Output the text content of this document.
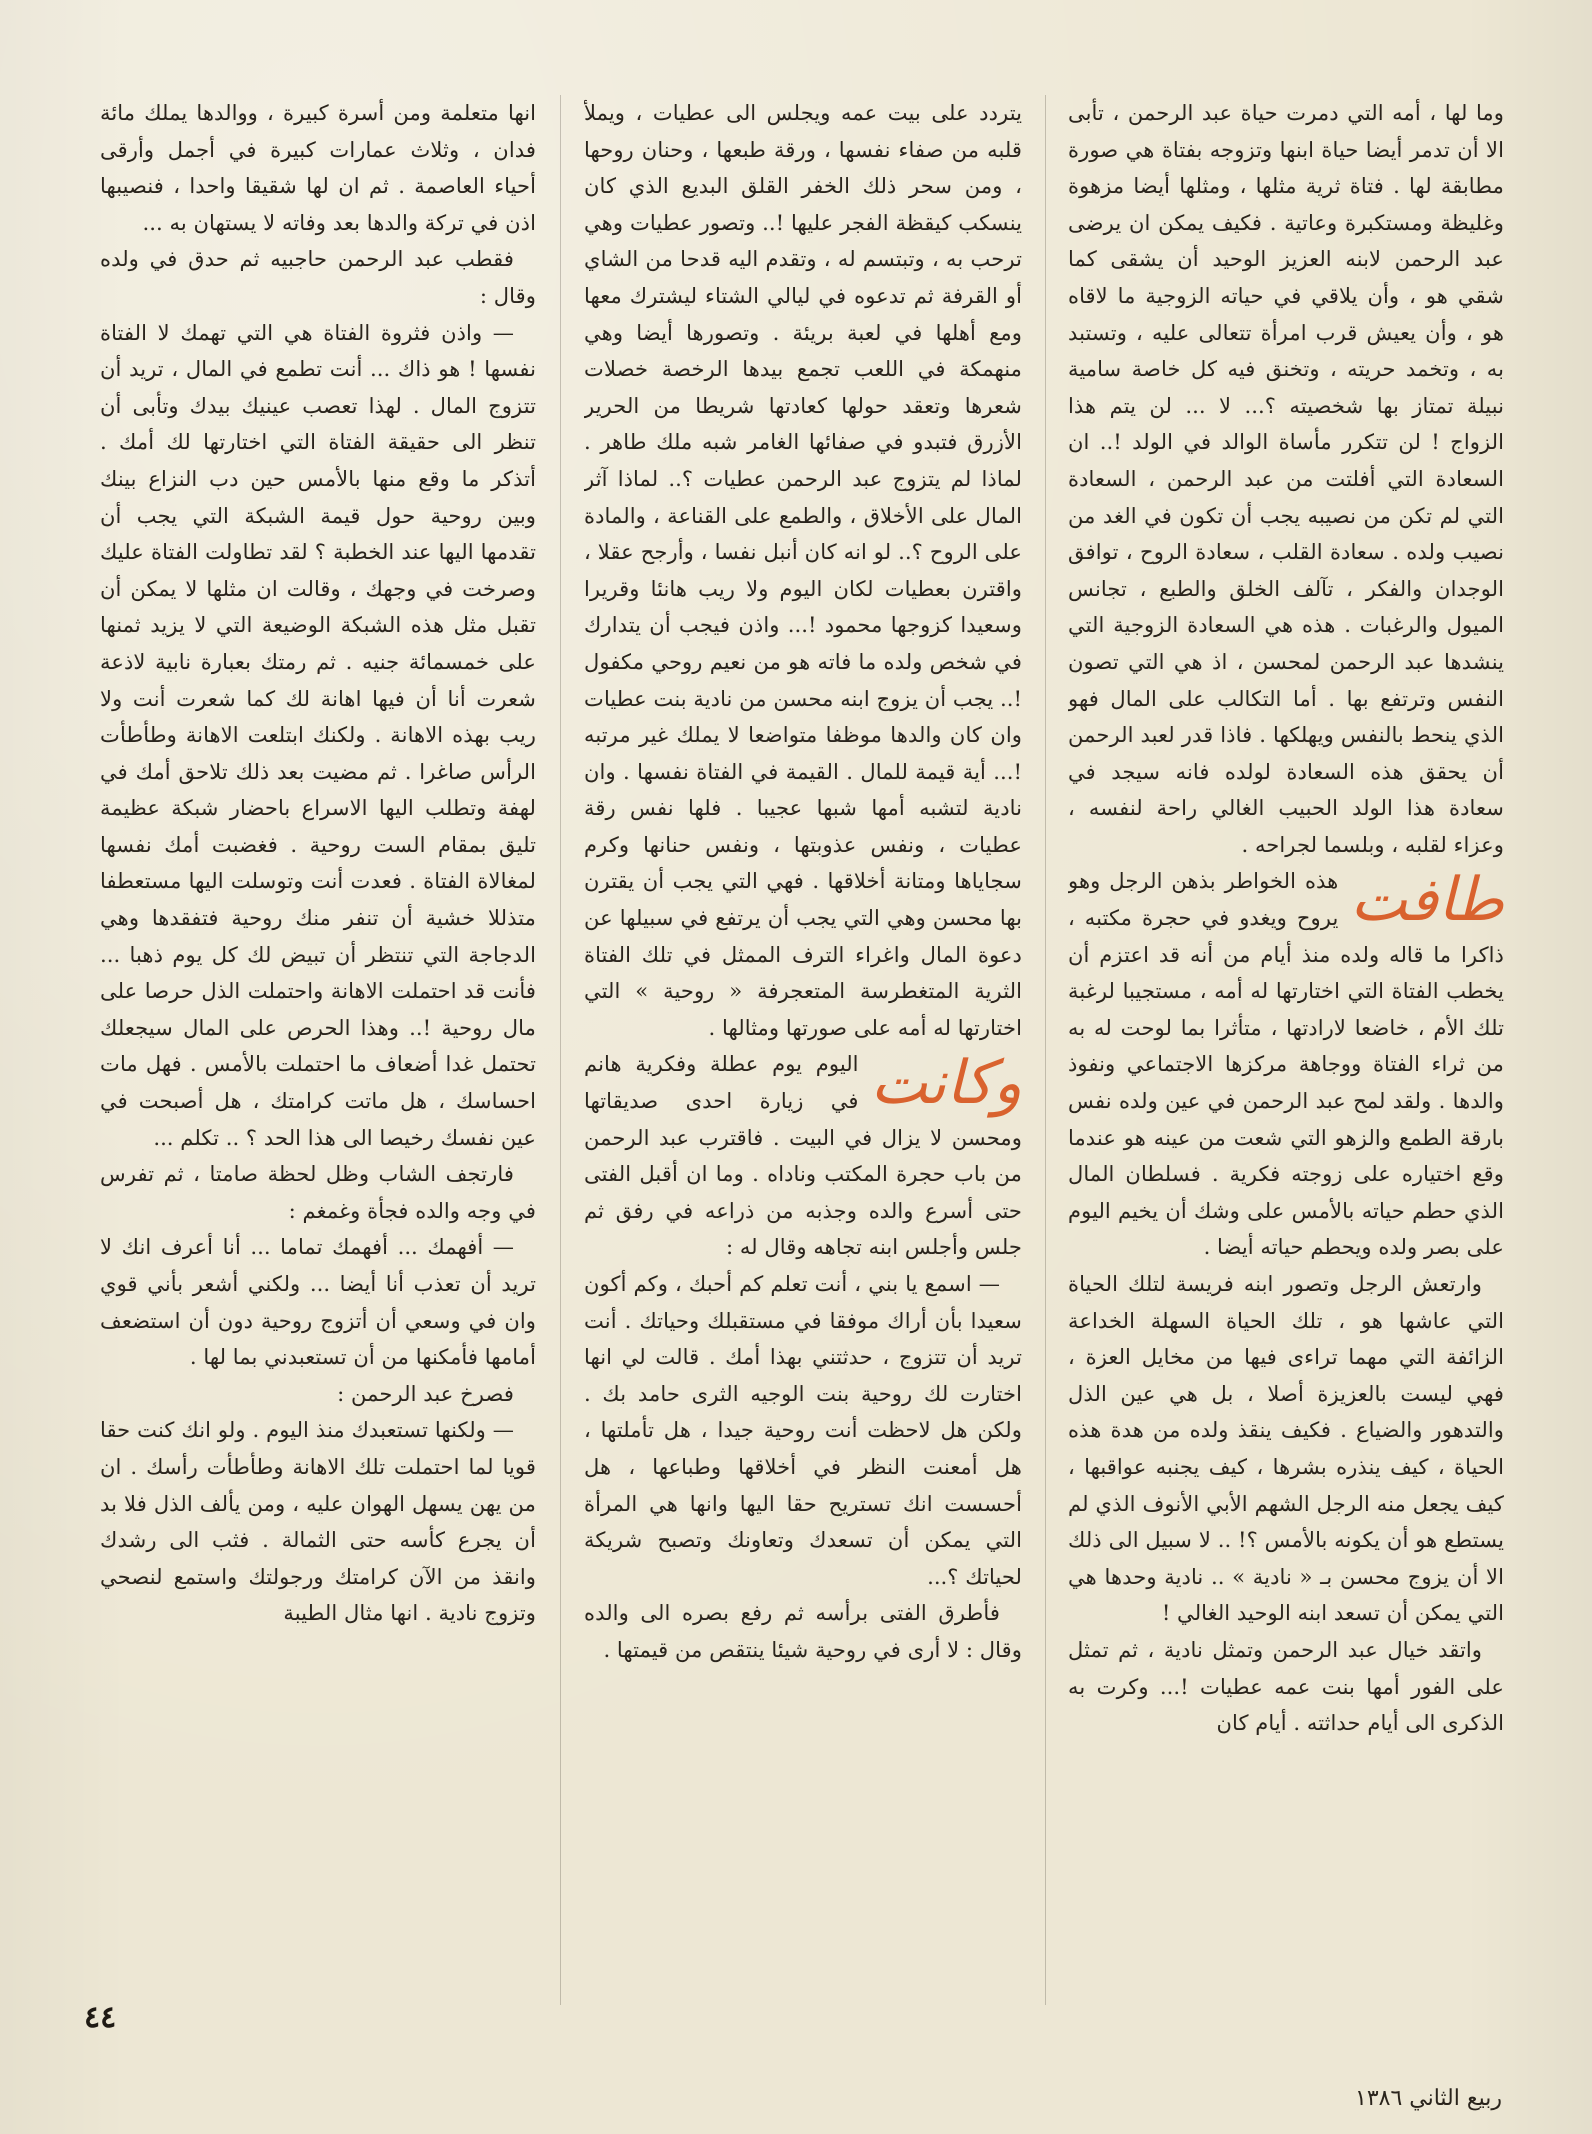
وما لها ، أمه التي دمرت حياة عبد الرحمن ، تأبى الا أن تدمر أيضا حياة ابنها وتزوجه بفتاة هي صورة مطابقة لها . فتاة ثرية مثلها ، ومثلها أيضا مزهوة وغليظة ومستكبرة وعاتية . فكيف يمكن ان يرضى عبد الرحمن لابنه العزيز الوحيد أن يشقى كما شقي هو ، وأن يلاقي في حياته الزوجية ما لاقاه هو ، وأن يعيش قرب امرأة تتعالى عليه ، وتستبد به ، وتخمد حريته ، وتخنق فيه كل خاصة سامية نبيلة تمتاز بها شخصيته ؟... لا ... لن يتم هذا الزواج ! لن تتكرر مأساة الوالد في الولد !.. ان السعادة التي أفلتت من عبد الرحمن ، السعادة التي لم تكن من نصيبه يجب أن تكون في الغد من نصيب ولده . سعادة القلب ، سعادة الروح ، توافق الوجدان والفكر ، تآلف الخلق والطبع ، تجانس الميول والرغبات . هذه هي السعادة الزوجية التي ينشدها عبد الرحمن لمحسن ، اذ هي التي تصون النفس وترتفع بها . أما التكالب على المال فهو الذي ينحط بالنفس ويهلكها . فاذا قدر لعبد الرحمن أن يحقق هذه السعادة لولده فانه سيجد في سعادة هذا الولد الحبيب الغالي راحة لنفسه ، وعزاء لقلبه ، وبلسما لجراحه .

طافت

هذه الخواطر بذهن الرجل وهو يروح ويغدو في حجرة مكتبه ، ذاكرا ما قاله ولده منذ أيام من أنه قد اعتزم أن يخطب الفتاة التي اختارتها له أمه ، مستجيبا لرغبة تلك الأم ، خاضعا لارادتها ، متأثرا بما لوحت له به من ثراء الفتاة ووجاهة مركزها الاجتماعي ونفوذ والدها . ولقد لمح عبد الرحمن في عين ولده نفس بارقة الطمع والزهو التي شعت من عينه هو عندما وقع اختياره على زوجته فكرية . فسلطان المال الذي حطم حياته بالأمس على وشك أن يخيم اليوم على بصر ولده ويحطم حياته أيضا .

وارتعش الرجل وتصور ابنه فريسة لتلك الحياة التي عاشها هو ، تلك الحياة السهلة الخداعة الزائفة التي مهما تراءى فيها من مخايل العزة ، فهي ليست بالعزيزة أصلا ، بل هي عين الذل والتدهور والضياع . فكيف ينقذ ولده من هدة هذه الحياة ، كيف ينذره بشرها ، كيف يجنبه عواقبها ، كيف يجعل منه الرجل الشهم الأبي الأنوف الذي لم يستطع هو أن يكونه بالأمس ؟! .. لا سبيل الى ذلك الا أن يزوج محسن بـ « نادية » .. نادية وحدها هي التي يمكن أن تسعد ابنه الوحيد الغالي !

واتقد خيال عبد الرحمن وتمثل نادية ، ثم تمثل على الفور أمها بنت عمه عطيات !... وكرت به الذكرى الى أيام حداثته . أيام كان

يتردد على بيت عمه ويجلس الى عطيات ، ويملأ قلبه من صفاء نفسها ، ورقة طبعها ، وحنان روحها ، ومن سحر ذلك الخفر القلق البديع الذي كان ينسكب كيقظة الفجر عليها !.. وتصور عطيات وهي ترحب به ، وتبتسم له ، وتقدم اليه قدحا من الشاي أو القرفة ثم تدعوه في ليالي الشتاء ليشترك معها ومع أهلها في لعبة بريئة . وتصورها أيضا وهي منهمكة في اللعب تجمع بيدها الرخصة خصلات شعرها وتعقد حولها كعادتها شريطا من الحرير الأزرق فتبدو في صفائها الغامر شبه ملك طاهر . لماذا لم يتزوج عبد الرحمن عطيات ؟.. لماذا آثر المال على الأخلاق ، والطمع على القناعة ، والمادة على الروح ؟.. لو انه كان أنبل نفسا ، وأرجح عقلا ، واقترن بعطيات لكان اليوم ولا ريب هانئا وقريرا وسعيدا كزوجها محمود !... واذن فيجب أن يتدارك في شخص ولده ما فاته هو من نعيم روحي مكفول !.. يجب أن يزوج ابنه محسن من نادية بنت عطيات وان كان والدها موظفا متواضعا لا يملك غير مرتبه !... أية قيمة للمال . القيمة في الفتاة نفسها . وان نادية لتشبه أمها شبها عجيبا . فلها نفس رقة عطيات ، ونفس عذوبتها ، ونفس حنانها وكرم سجاياها ومتانة أخلاقها . فهي التي يجب أن يقترن بها محسن وهي التي يجب أن يرتفع في سبيلها عن دعوة المال واغراء الترف الممثل في تلك الفتاة الثرية المتغطرسة المتعجرفة « روحية » التي اختارتها له أمه على صورتها ومثالها .

وكانت

اليوم يوم عطلة وفكرية هانم في زيارة احدى صديقاتها ومحسن لا يزال في البيت . فاقترب عبد الرحمن من باب حجرة المكتب وناداه . وما ان أقبل الفتى حتى أسرع والده وجذبه من ذراعه في رفق ثم جلس وأجلس ابنه تجاهه وقال له :

— اسمع يا بني ، أنت تعلم كم أحبك ، وكم أكون سعيدا بأن أراك موفقا في مستقبلك وحياتك . أنت تريد أن تتزوج ، حدثتني بهذا أمك . قالت لي انها اختارت لك روحية بنت الوجيه الثرى حامد بك . ولكن هل لاحظت أنت روحية جيدا ، هل تأملتها ، هل أمعنت النظر في أخلاقها وطباعها ، هل أحسست انك تستريح حقا اليها وانها هي المرأة التي يمكن أن تسعدك وتعاونك وتصبح شريكة لحياتك ؟...

فأطرق الفتى برأسه ثم رفع بصره الى والده وقال : لا أرى في روحية شيئا ينتقص من قيمتها .

انها متعلمة ومن أسرة كبيرة ، ووالدها يملك مائة فدان ، وثلاث عمارات كبيرة في أجمل وأرقى أحياء العاصمة . ثم ان لها شقيقا واحدا ، فنصيبها اذن في تركة والدها بعد وفاته لا يستهان به ...

فقطب عبد الرحمن حاجبيه ثم حدق في ولده وقال :

— واذن فثروة الفتاة هي التي تهمك لا الفتاة نفسها ! هو ذاك ... أنت تطمع في المال ، تريد أن تتزوج المال . لهذا تعصب عينيك بيدك وتأبى أن تنظر الى حقيقة الفتاة التي اختارتها لك أمك . أتذكر ما وقع منها بالأمس حين دب النزاع بينك وبين روحية حول قيمة الشبكة التي يجب أن تقدمها اليها عند الخطبة ؟ لقد تطاولت الفتاة عليك وصرخت في وجهك ، وقالت ان مثلها لا يمكن أن تقبل مثل هذه الشبكة الوضيعة التي لا يزيد ثمنها على خمسمائة جنيه . ثم رمتك بعبارة نابية لاذعة شعرت أنا أن فيها اهانة لك كما شعرت أنت ولا ريب بهذه الاهانة . ولكنك ابتلعت الاهانة وطأطأت الرأس صاغرا . ثم مضيت بعد ذلك تلاحق أمك في لهفة وتطلب اليها الاسراع باحضار شبكة عظيمة تليق بمقام الست روحية . فغضبت أمك نفسها لمغالاة الفتاة . فعدت أنت وتوسلت اليها مستعطفا متذللا خشية أن تنفر منك روحية فتفقدها وهي الدجاجة التي تنتظر أن تبيض لك كل يوم ذهبا ... فأنت قد احتملت الاهانة واحتملت الذل حرصا على مال روحية !.. وهذا الحرص على المال سيجعلك تحتمل غدا أضعاف ما احتملت بالأمس . فهل مات احساسك ، هل ماتت كرامتك ، هل أصبحت في عين نفسك رخيصا الى هذا الحد ؟ .. تكلم ...

فارتجف الشاب وظل لحظة صامتا ، ثم تفرس في وجه والده فجأة وغمغم :

— أفهمك ... أفهمك تماما ... أنا أعرف انك لا تريد أن تعذب أنا أيضا ... ولكني أشعر بأني قوي وان في وسعي أن أتزوج روحية دون أن استضعف أمامها فأمكنها من أن تستعبدني بما لها .

فصرخ عبد الرحمن :

— ولكنها تستعبدك منذ اليوم . ولو انك كنت حقا قويا لما احتملت تلك الاهانة وطأطأت رأسك . ان من يهن يسهل الهوان عليه ، ومن يألف الذل فلا بد أن يجرع كأسه حتى الثمالة . فثب الى رشدك وانقذ من الآن كرامتك ورجولتك واستمع لنصحي وتزوج نادية . انها مثال الطيبة

٤٤
ربيع الثاني ١٣٨٦
